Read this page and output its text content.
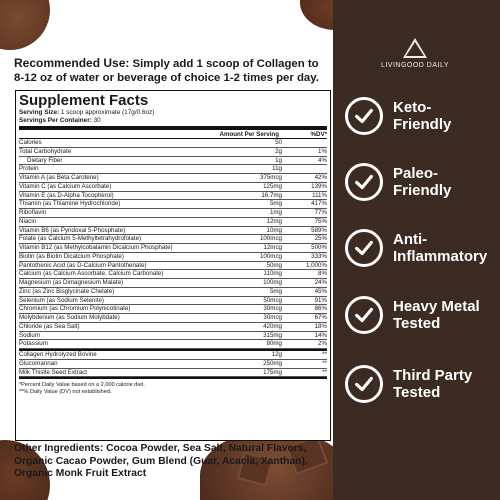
LIVINGOOD DAILY
Keto-
Friendly
Paleo-
Friendly
Anti-
Inflammatory
Heavy Metal
Tested
Third Party
Tested
Recommended Use: Simply add 1 scoop of Collagen to 8-12 oz of water or beverage of choice 1-2 times per day.
Supplement Facts
Serving Size: 1 scoop approximate (17g/0.6oz)
Servings Per Container: 30
Amount Per Serving	%DV*
Calories	50
Total Carbohydrate	2g	1%
Dietary Fiber	1g	4%
Protein	11g
Vitamin A (as Beta Carotene)	375mcg	42%
Vitamin C (as Calcium Ascorbate)	125mg	139%
Vitamin E (as D-Alpha Tocopherol)	16.7mg	111%
Thiamin (as Thiamine Hydrochloride)	5mg	417%
Riboflavin	1mg	77%
Niacin	12mg	75%
Vitamin B6 (as Pyridoxal 5-Phosphate)	10mg	589%
Folate (as Calcium 5-Methyltetrahydrofolate)	100mcg	25%
Vitamin B12 (as Methylcobalamin Dicalcium Phosphate)	12mcg	500%
Biotin (as Biotin Dicalcium Phosphate)	100mcg	333%
Pantothenic Acid (as D-Calcium Pantothenate)	50mg	1,000%
Calcium (as Calcium Ascorbate, Calcium Carbonate)	110mg	8%
Magnesium (as Dimagnesium Malate)	100mg	24%
Zinc (as Zinc Bisglycinate Chelate)	5mg	45%
Selenium (as Sodium Selenite)	50mcg	91%
Chromium (as Chromium Polynicotinate)	30mcg	86%
Molybdenum (as Sodium Molybdate)	30mcg	67%
Chloride (as Sea Salt)	420mg	18%
Sodium	315mg	14%
Potassium	80mg	2%
Collagen Hydrolyzed Bovine	12g	**
Glucomannan	250mg	**
Milk Thistle Seed Extract	175mg	**
*Percent Daily Value based on a 2,000 calorie diet.
**% Daily Value (DV) not established.
Other Ingredients: Cocoa Powder, Sea Salt, Natural Flavors, Organic Cacao Powder, Gum Blend (Guar, Acacia, Xanthan), Organic Monk Fruit Extract
